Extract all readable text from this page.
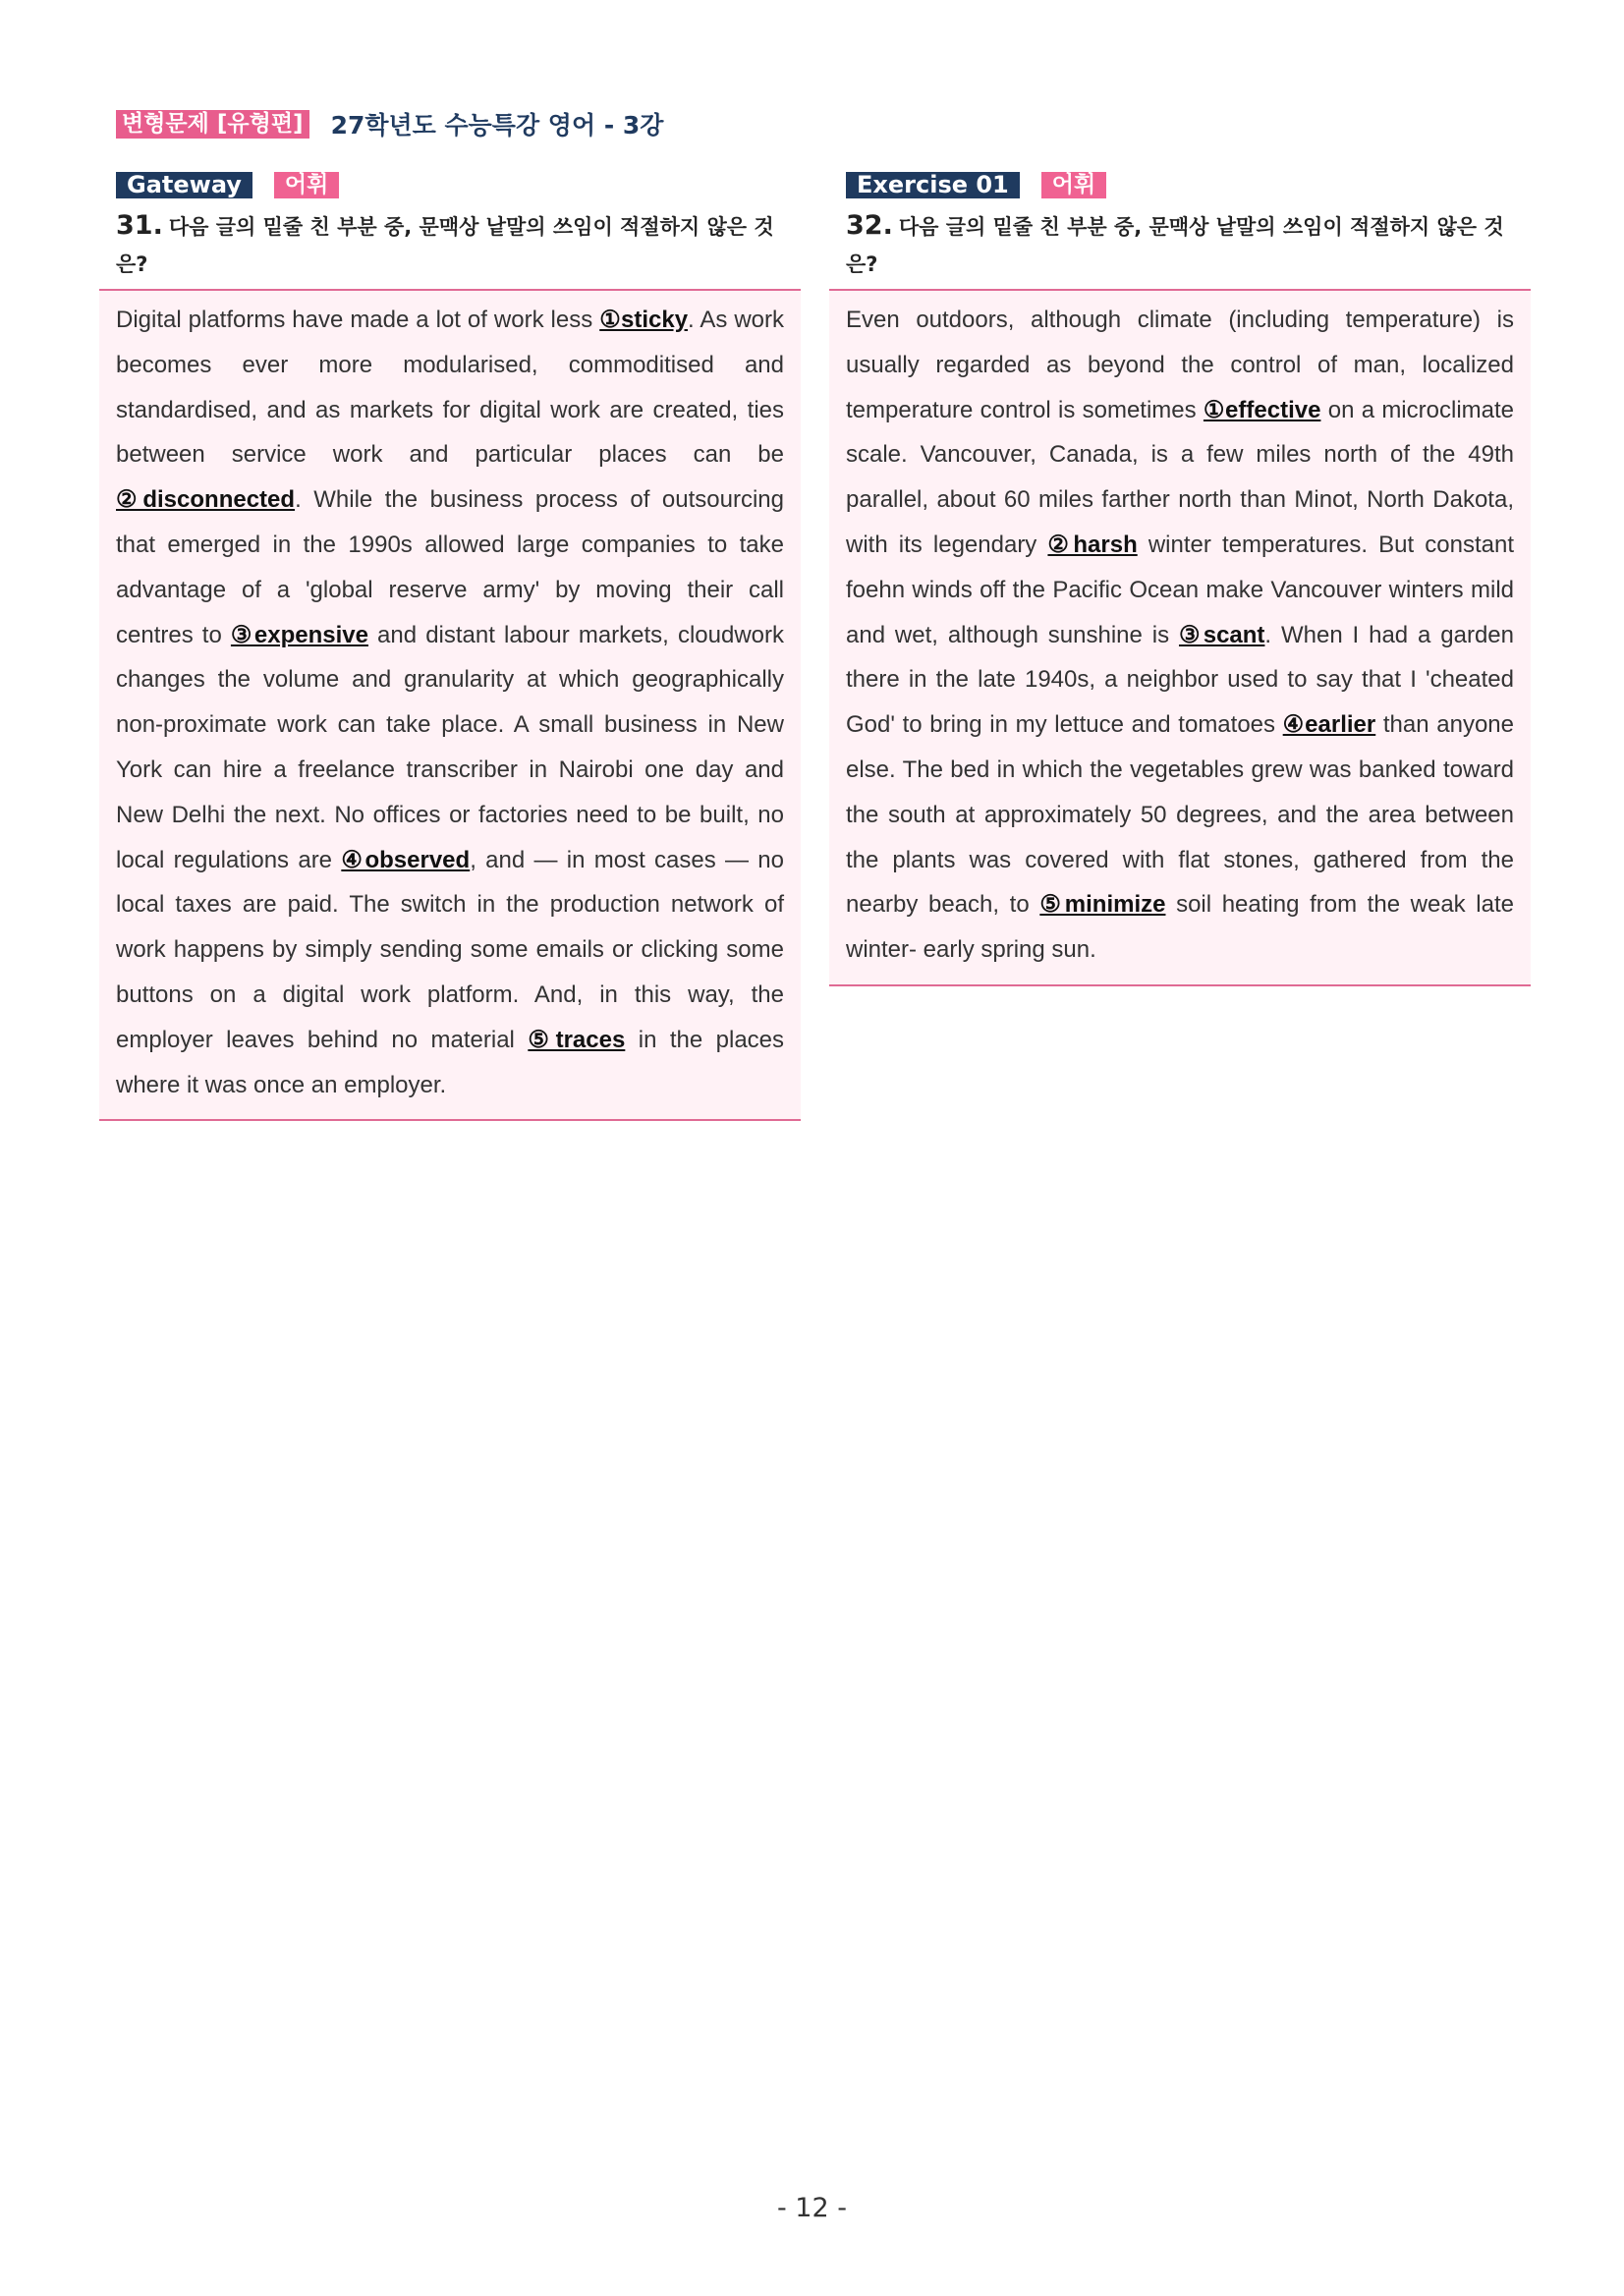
변형문제 [유형편] 27학년도 수능특강 영어 - 3강
Gateway	어휘
31. 다음 글의 밑줄 친 부분 중, 문맥상 낱말의 쓰임이 적절하지 않은 것은?

Digital platforms have made a lot of work less ①sticky. As work becomes ever more modularised, commoditised and standardised, and as markets for digital work are created, ties between service work and particular places can be ②disconnected. While the business process of outsourcing that emerged in the 1990s allowed large companies to take advantage of a 'global reserve army' by moving their call centres to ③expensive and distant labour markets, cloudwork changes the volume and granularity at which geographically non-proximate work can take place. A small business in New York can hire a freelance transcriber in Nairobi one day and New Delhi the next. No offices or factories need to be built, no local regulations are ④observed, and — in most cases — no local taxes are paid. The switch in the production network of work happens by simply sending some emails or clicking some buttons on a digital work platform. And, in this way, the employer leaves behind no material ⑤traces in the places where it was once an employer.

Exercise 01	어휘
32. 다음 글의 밑줄 친 부분 중, 문맥상 낱말의 쓰임이 적절하지 않은 것은?

Even outdoors, although climate (including temperature) is usually regarded as beyond the control of man, localized temperature control is sometimes ①effective on a microclimate scale. Vancouver, Canada, is a few miles north of the 49th parallel, about 60 miles farther north than Minot, North Dakota, with its legendary ②harsh winter temperatures. But constant foehn winds off the Pacific Ocean make Vancouver winters mild and wet, although sunshine is ③scant. When I had a garden there in the late 1940s, a neighbor used to say that I 'cheated God' to bring in my lettuce and tomatoes ④earlier than anyone else. The bed in which the vegetables grew was banked toward the south at approximately 50 degrees, and the area between the plants was covered with flat stones, gathered from the nearby beach, to ⑤minimize soil heating from the weak late winter- early spring sun.

- 12 -
